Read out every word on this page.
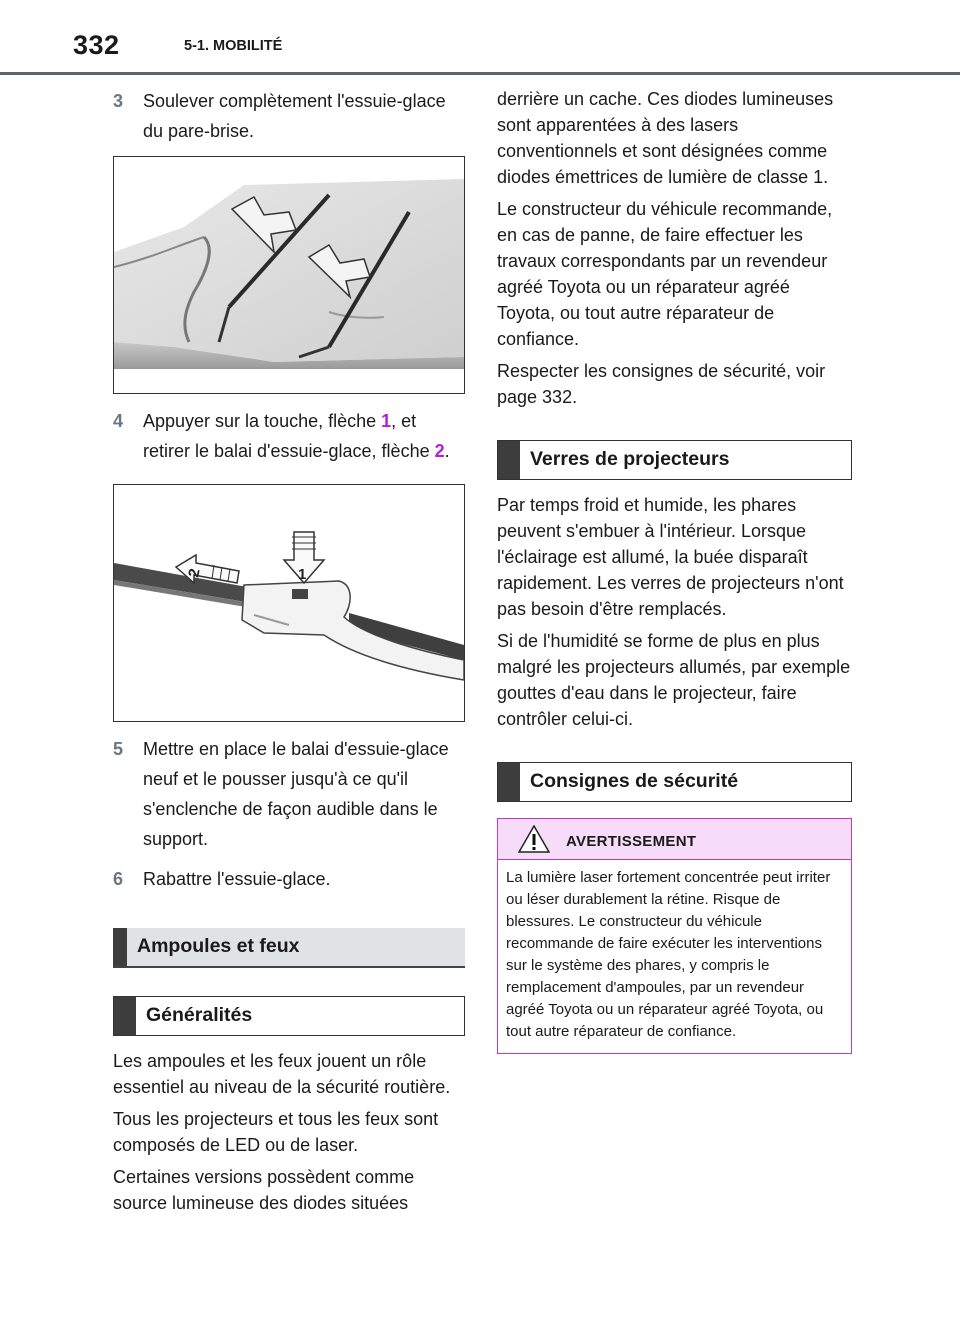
332	5-1. MOBILITÉ
3	Soulever complètement l'essuie-glace du pare-brise.
4	Appuyer sur la touche, flèche 1, et retirer le balai d'essuie-glace, flèche 2.
1
2
5	Mettre en place le balai d'essuie-glace neuf et le pousser jusqu'à ce qu'il s'enclenche de façon audible dans le support.
6	Rabattre l'essuie-glace.
Ampoules et feux
Généralités

Les ampoules et les feux jouent un rôle essentiel au niveau de la sécurité routière.

Tous les projecteurs et tous les feux sont composés de LED ou de laser.

Certaines versions possèdent comme source lumineuse des diodes situées

derrière un cache. Ces diodes lumineuses sont apparentées à des lasers conventionnels et sont désignées comme diodes émettrices de lumière de classe 1.

Le constructeur du véhicule recommande, en cas de panne, de faire effectuer les travaux correspondants par un revendeur agréé Toyota ou un réparateur agréé Toyota, ou tout autre réparateur de confiance.

Respecter les consignes de sécurité, voir page 332.

Verres de projecteurs

Par temps froid et humide, les phares peuvent s'embuer à l'intérieur. Lorsque l'éclairage est allumé, la buée disparaît rapidement. Les verres de projecteurs n'ont pas besoin d'être remplacés.

Si de l'humidité se forme de plus en plus malgré les projecteurs allumés, par exemple gouttes d'eau dans le projecteur, faire contrôler celui-ci.

Consignes de sécurité
AVERTISSEMENT
La lumière laser fortement concentrée peut irriter ou léser durablement la rétine. Risque de blessures. Le constructeur du véhicule recommande de faire exécuter les interventions sur le système des phares, y compris le remplacement d'ampoules, par un revendeur agréé Toyota ou un réparateur agréé Toyota, ou tout autre réparateur de confiance.
